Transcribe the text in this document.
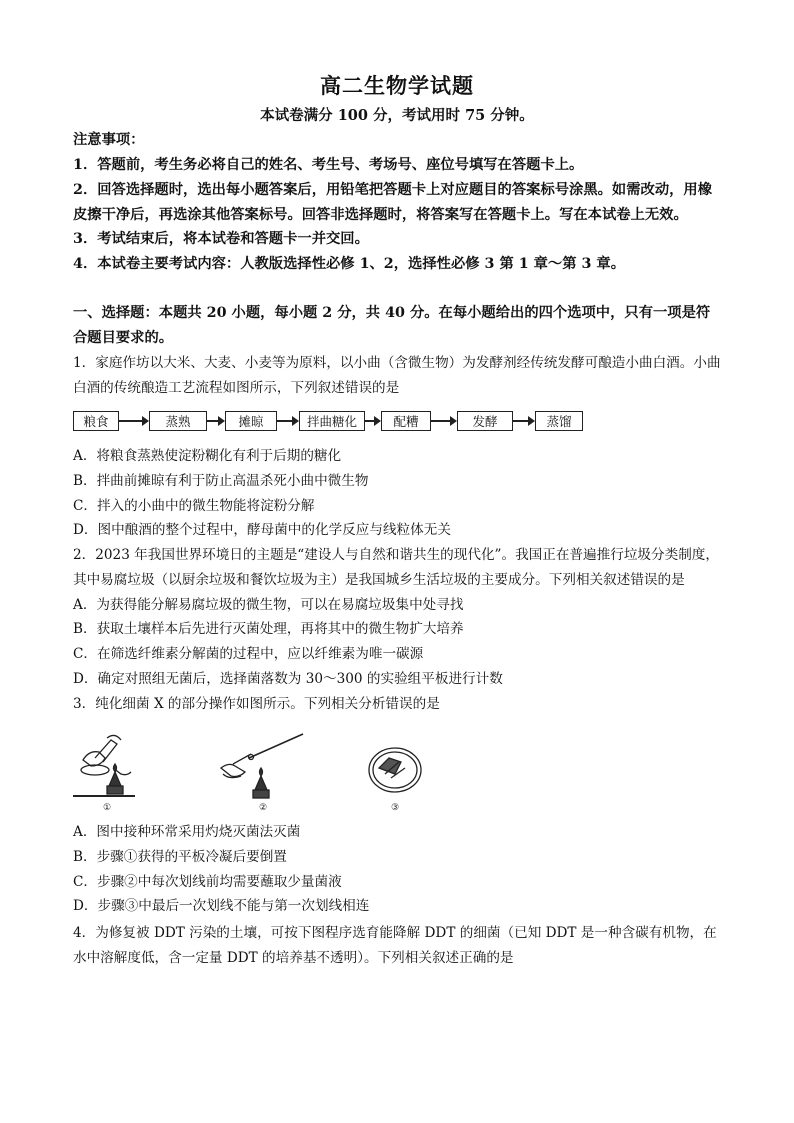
高二生物学试题
本试卷满分 100 分，考试用时 75 分钟。
注意事项：

1．答题前，考生务必将自己的姓名、考生号、考场号、座位号填写在答题卡上。

2．回答选择题时，选出每小题答案后，用铅笔把答题卡上对应题目的答案标号涂黑。如需改动，用橡皮擦干净后，再选涂其他答案标号。回答非选择题时，将答案写在答题卡上。写在本试卷上无效。

3．考试结束后，将本试卷和答题卡一并交回。

4．本试卷主要考试内容：人教版选择性必修 1、2，选择性必修 3 第 1 章～第 3 章。

一、选择题：本题共 20 小题，每小题 2 分，共 40 分。在每小题给出的四个选项中，只有一项是符合题目要求的。
1．家庭作坊以大米、大麦、小麦等为原料，以小曲（含微生物）为发酵剂经传统发酵可酿造小曲白酒。小曲白酒的传统酿造工艺流程如图所示，下列叙述错误的是
粮食	蒸熟	摊晾	拌曲糖化	配糟	发酵	蒸馏

A．将粮食蒸熟使淀粉糊化有利于后期的糖化

B．拌曲前摊晾有利于防止高温杀死小曲中微生物

C．拌入的小曲中的微生物能将淀粉分解

D．图中酿酒的整个过程中，酵母菌中的化学反应与线粒体无关

2．2023 年我国世界环境日的主题是“建设人与自然和谐共生的现代化”。我国正在普遍推行垃圾分类制度，其中易腐垃圾（以厨余垃圾和餐饮垃圾为主）是我国城乡生活垃圾的主要成分。下列相关叙述错误的是

A．为获得能分解易腐垃圾的微生物，可以在易腐垃圾集中处寻找

B．获取土壤样本后先进行灭菌处理，再将其中的微生物扩大培养

C．在筛选纤维素分解菌的过程中，应以纤维素为唯一碳源

D．确定对照组无菌后，选择菌落数为 30～300 的实验组平板进行计数

3．纯化细菌 X 的部分操作如图所示。下列相关分析错误的是
①	②	③

A．图中接种环常采用灼烧灭菌法灭菌

B．步骤①获得的平板冷凝后要倒置

C．步骤②中每次划线前均需要蘸取少量菌液

D．步骤③中最后一次划线不能与第一次划线相连

4．为修复被 DDT 污染的土壤，可按下图程序选育能降解 DDT 的细菌（已知 DDT 是一种含碳有机物，在水中溶解度低，含一定量 DDT 的培养基不透明）。下列相关叙述正确的是
